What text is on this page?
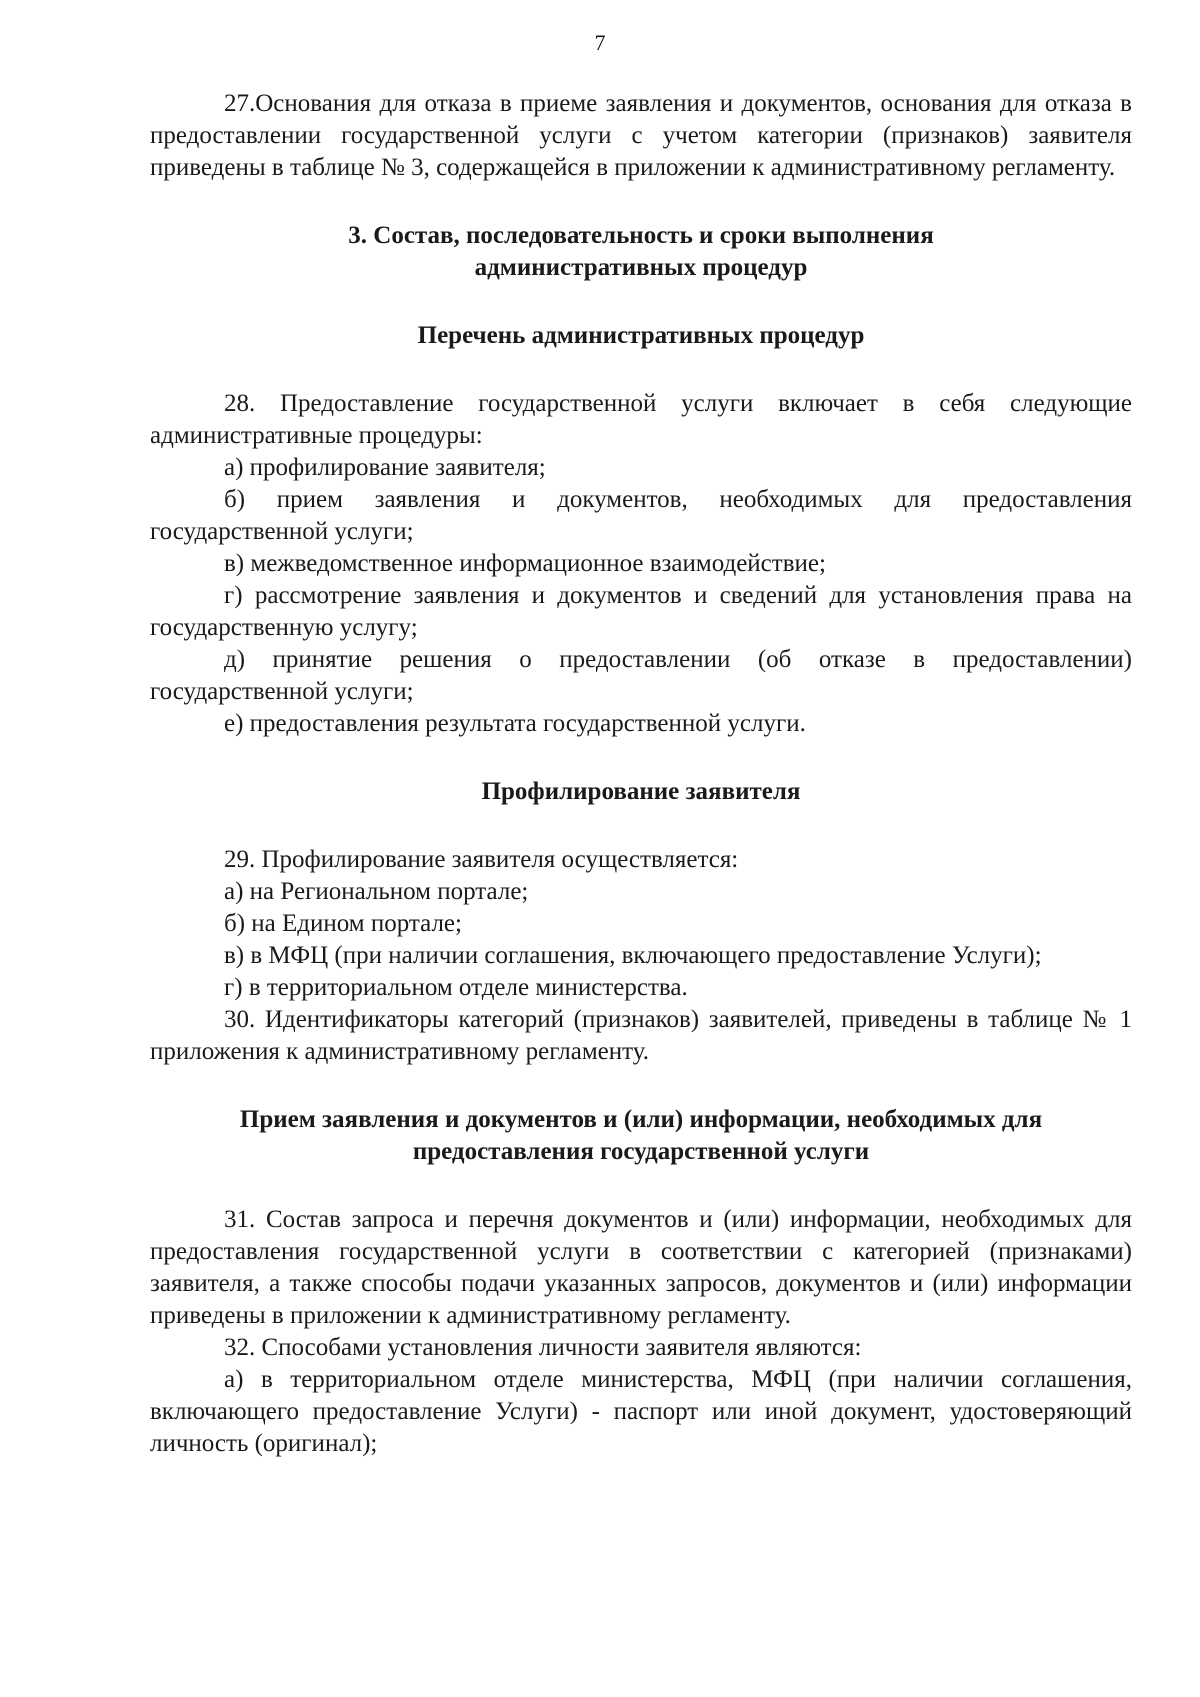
7

27.Основания для отказа в приеме заявления и документов, основания для отказа в предоставлении государственной услуги с учетом категории (признаков) заявителя приведены в таблице № 3, содержащейся в приложении к административному регламенту.

3. Состав, последовательность и сроки выполнения

административных процедур

Перечень административных процедур

28. Предоставление государственной услуги включает в себя следующие административные процедуры:

а) профилирование заявителя;

б) прием заявления и документов, необходимых для предоставления государственной услуги;

в) межведомственное информационное взаимодействие;

г) рассмотрение заявления и документов и сведений для установления права на государственную услугу;

д) принятие решения о предоставлении (об отказе в предоставлении) государственной услуги;

е) предоставления результата государственной услуги.

Профилирование заявителя

29. Профилирование заявителя осуществляется:

а) на Региональном портале;

б) на Едином портале;

в) в МФЦ (при наличии соглашения, включающего предоставление Услуги);

г) в территориальном отделе министерства.

30. Идентификаторы категорий (признаков) заявителей, приведены в таблице № 1 приложения к административному регламенту.

Прием заявления и документов и (или) информации, необходимых для

предоставления государственной услуги

31. Состав запроса и перечня документов и (или) информации, необходимых для предоставления государственной услуги в соответствии с категорией (признаками) заявителя, а также способы подачи указанных запросов, документов и (или) информации приведены в приложении к административному регламенту.

32. Способами установления личности заявителя являются:

а) в территориальном отделе министерства, МФЦ (при наличии соглашения, включающего предоставление Услуги) - паспорт или иной документ, удостоверяющий личность (оригинал);
